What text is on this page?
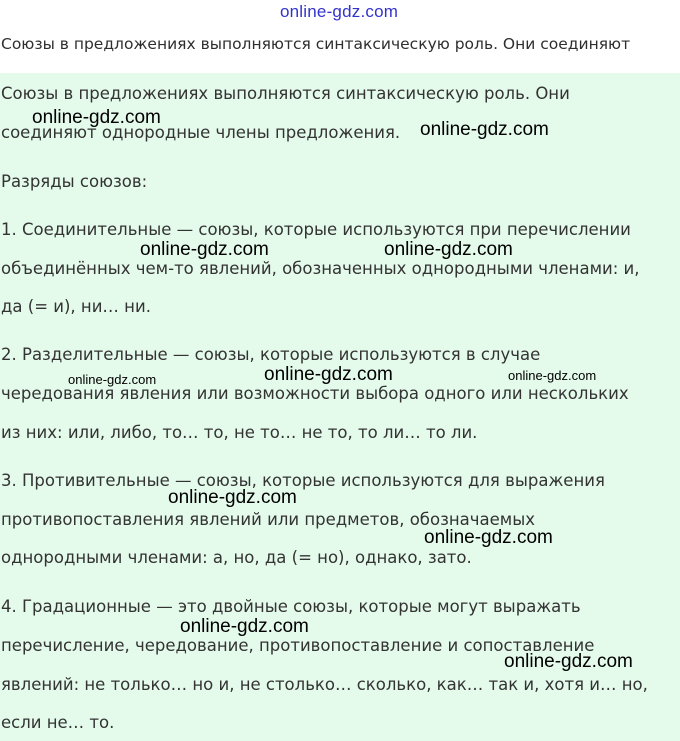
online-gdz.com
Союзы в предложениях выполняются синтаксическую роль. Они соединяют
Союзы в предложениях выполняются синтаксическую роль. Они
соединяют однородные члены предложения.
Разряды союзов:
1. Соединительные — союзы, которые используются при перечислении
объединённых чем-то явлений, обозначенных однородными членами: и,
да (= и), ни… ни.
2. Разделительные — союзы, которые используются в случае
чередования явления или возможности выбора одного или нескольких
из них: или, либо, то… то, не то… не то, то ли… то ли.
3. Противительные — союзы, которые используются для выражения
противопоставления явлений или предметов, обозначаемых
однородными членами: а, но, да (= но), однако, зато.
4. Градационные — это двойные союзы, которые могут выражать
перечисление, чередование, противопоставление и сопоставление
явлений: не только… но и, не столько… сколько, как… так и, хотя и… но,
если не… то.
online-gdz.com
online-gdz.com
online-gdz.com	online-gdz.com
online-gdz.com	online-gdz.com	online-gdz.com
online-gdz.com
online-gdz.com
online-gdz.com
online-gdz.com
